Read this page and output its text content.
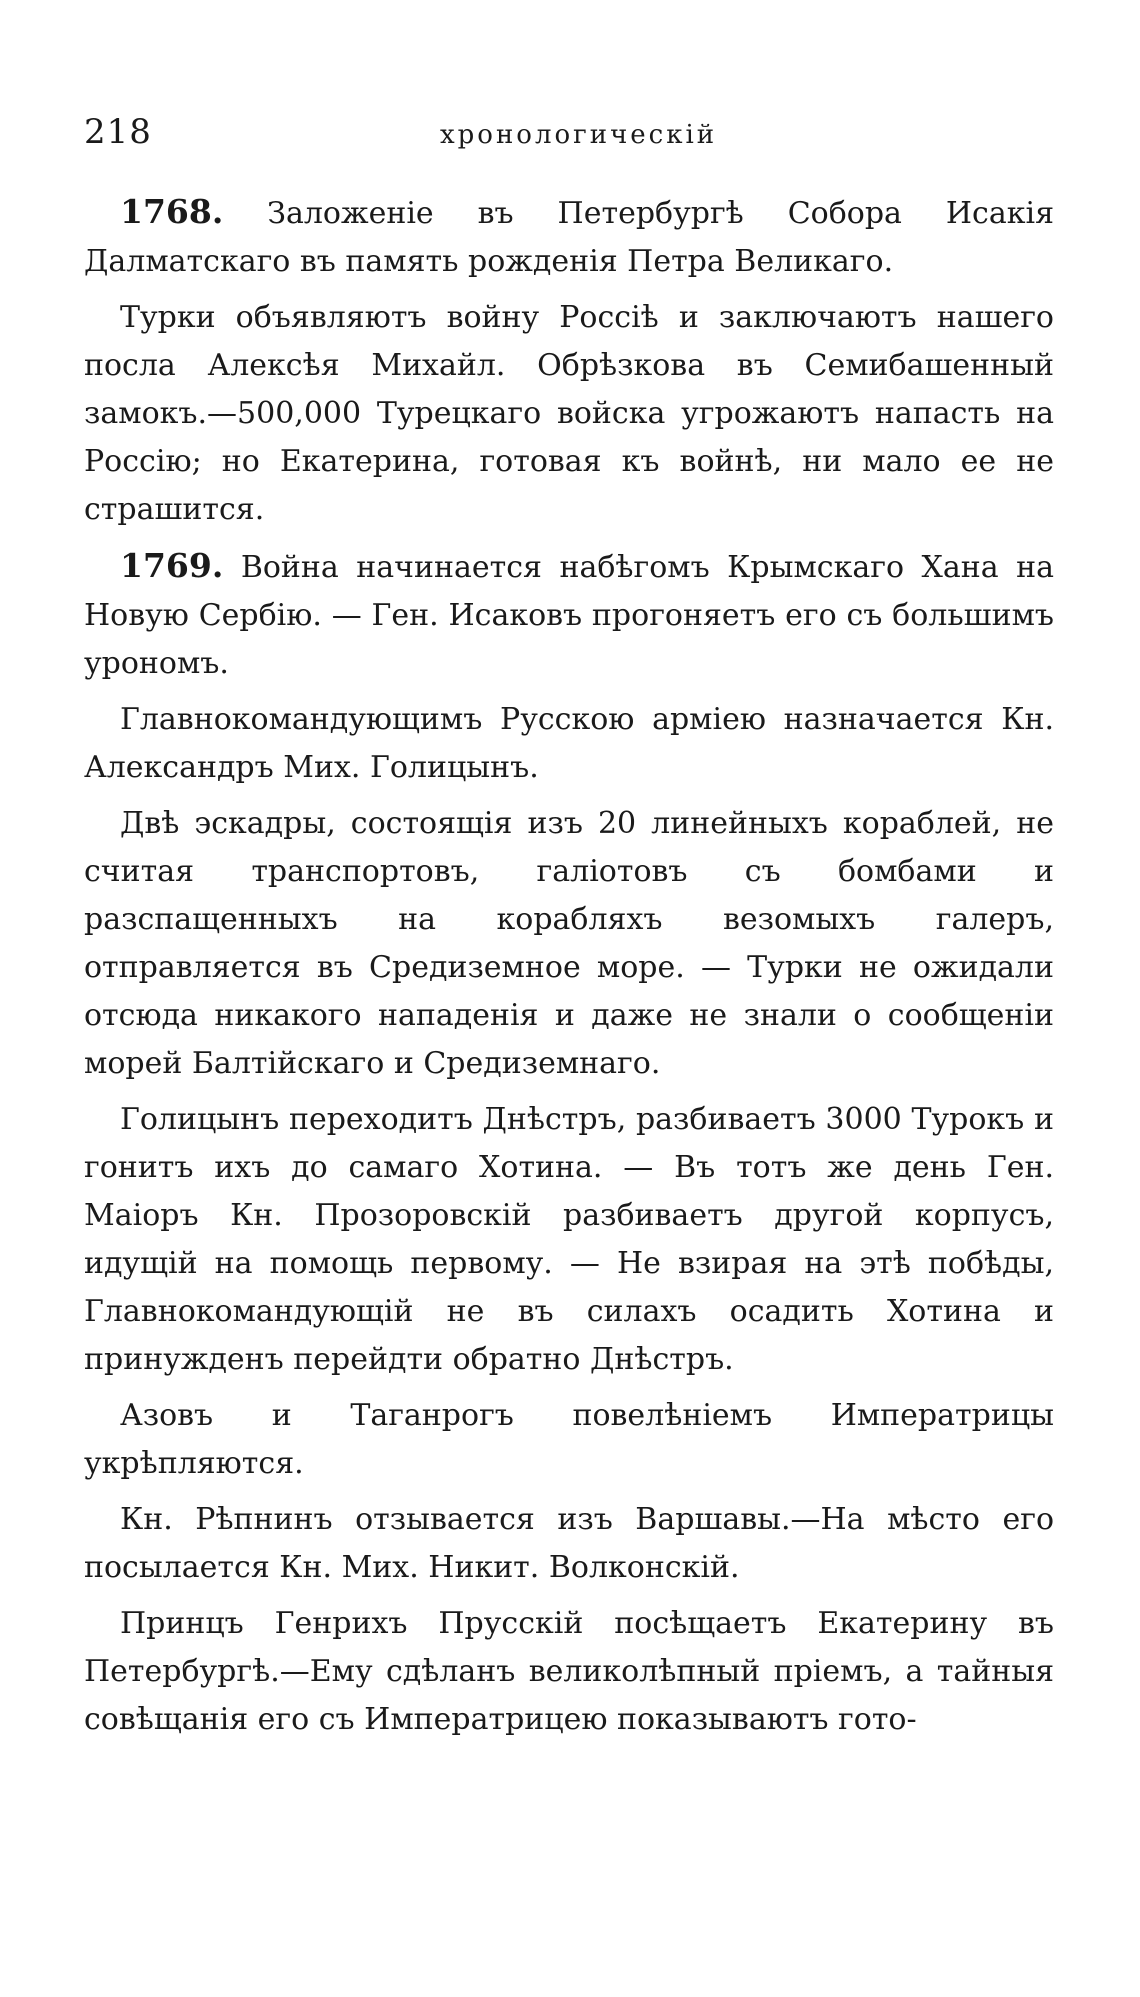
218	хронологическій

1768. Заложеніе въ Петербургѣ Собора Исакія Далматскаго въ память рожденія Петра Великаго.

Турки объявляютъ войну Россіѣ и заключаютъ нашего посла Алексѣя Михайл. Обрѣзкова въ Семибашенный замокъ.—500,000 Турецкаго войска угрожаютъ напасть на Россію; но Екатерина, готовая къ войнѣ, ни мало ее не страшится.

1769. Война начинается набѣгомъ Крымскаго Хана на Новую Сербію. — Ген. Исаковъ прогоняетъ его съ большимъ урономъ.

Главнокомандующимъ Русскою арміею назначается Кн. Александръ Мих. Голицынъ.

Двѣ эскадры, состоящія изъ 20 линейныхъ кораблей, не считая транспортовъ, галіотовъ съ бомбами и разспащенныхъ на корабляхъ везомыхъ галеръ, отправляется въ Средиземное море. — Турки не ожидали отсюда никакого нападенія и даже не знали о сообщеніи морей Балтійскаго и Средиземнаго.

Голицынъ переходитъ Днѣстръ, разбиваетъ 3000 Турокъ и гонитъ ихъ до самаго Хотина. — Въ тотъ же день Ген. Маіоръ Кн. Прозоровскій разбиваетъ другой корпусъ, идущій на помощь первому. — Не взирая на этѣ побѣды, Главнокомандующій не въ силахъ осадить Хотина и принужденъ перейдти обратно Днѣстръ.

Азовъ и Таганрогъ повелѣніемъ Императрицы укрѣпляются.

Кн. Рѣпнинъ отзывается изъ Варшавы.—На мѣсто его посылается Кн. Мих. Никит. Волконскій.

Принцъ Генрихъ Прусскій посѣщаетъ Екатерину въ Петербургѣ.—Ему сдѣланъ великолѣпный пріемъ, а тайныя совѣщанія его съ Императрицею показываютъ гото-
